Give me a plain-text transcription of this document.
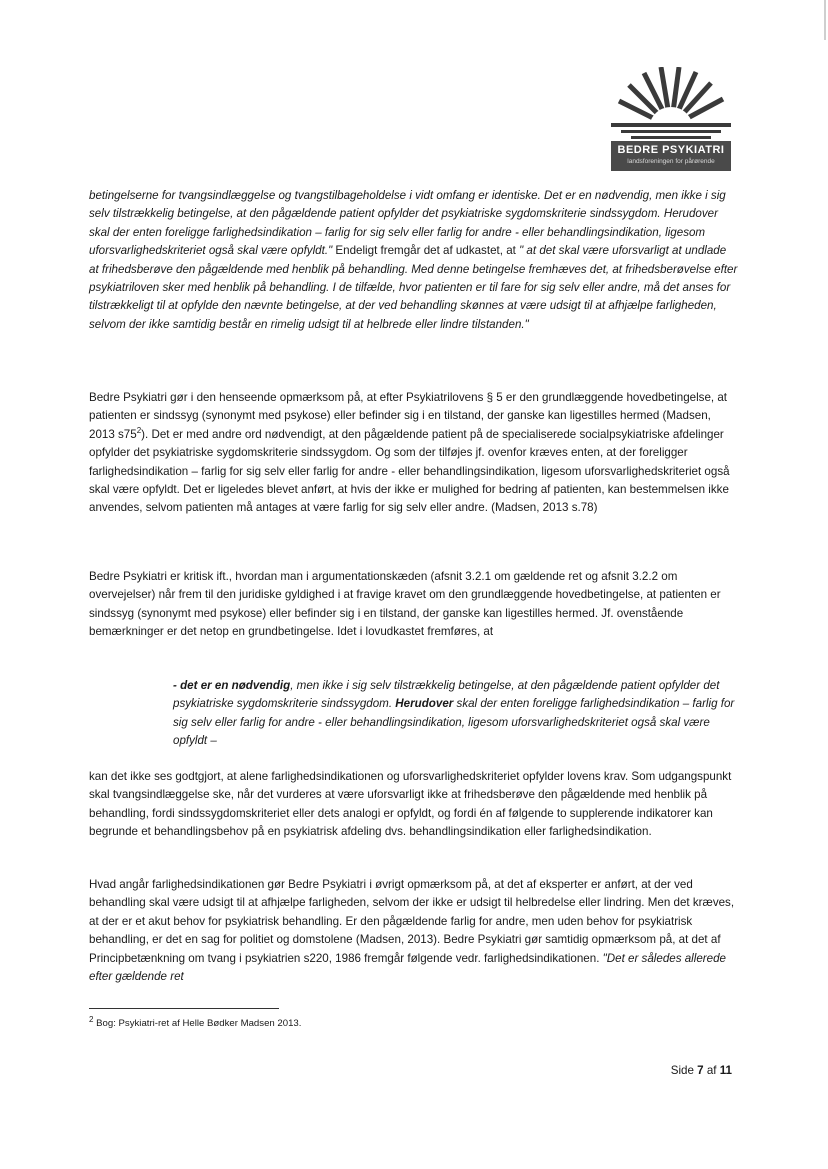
BEDRE PSYKIATRI
landsforeningen for pårørende
betingelserne for tvangsindlæggelse og tvangstilbageholdelse i vidt omfang er identiske. Det er en nødvendig, men ikke i sig selv tilstrækkelig betingelse, at den pågældende patient opfylder det psykiatriske sygdomskriterie sindssygdom. Herudover skal der enten foreligge farlighedsindikation – farlig for sig selv eller farlig for andre - eller behandlingsindikation, ligesom uforsvarlighedskriteriet også skal være opfyldt." Endeligt fremgår det af udkastet, at " at det skal være uforsvarligt at undlade at frihedsberøve den pågældende med henblik på behandling. Med denne betingelse fremhæves det, at frihedsberøvelse efter psykiatriloven sker med henblik på behandling. I de tilfælde, hvor patienten er til fare for sig selv eller andre, må det anses for tilstrækkeligt til at opfylde den nævnte betingelse, at der ved behandling skønnes at være udsigt til at afhjælpe farligheden, selvom der ikke samtidig består en rimelig udsigt til at helbrede eller lindre tilstanden."
Bedre Psykiatri gør i den henseende opmærksom på, at efter Psykiatrilovens § 5 er den grundlæggende hovedbetingelse, at patienten er sindssyg (synonymt med psykose) eller befinder sig i en tilstand, der ganske kan ligestilles hermed (Madsen, 2013 $s75^2$). Det er med andre ord nødvendigt, at den pågældende patient på de specialiserede socialpsykiatriske afdelinger opfylder det psykiatriske sygdomskriterie sindssygdom. Og som der tilføjes jf. ovenfor kræves enten, at der foreligger farlighedsindikation – farlig for sig selv eller farlig for andre - eller behandlingsindikation, ligesom uforsvarlighedskriteriet også skal være opfyldt. Det er ligeledes blevet anført, at hvis der ikke er mulighed for bedring af patienten, kan bestemmelsen ikke anvendes, selvom patienten må antages at være farlig for sig selv eller andre. (Madsen, 2013 s.78)
Bedre Psykiatri er kritisk ift., hvordan man i argumentationskæden (afsnit 3.2.1 om gældende ret og afsnit 3.2.2 om overvejelser) når frem til den juridiske gyldighed i at fravige kravet om den grundlæggende hovedbetingelse, at patienten er sindssyg (synonymt med psykose) eller befinder sig i en tilstand, der ganske kan ligestilles hermed. Jf. ovenstående bemærkninger er det netop en grundbetingelse. Idet i lovudkastet fremføres, at
- det er en nødvendig, men ikke i sig selv tilstrækkelig betingelse, at den pågældende patient opfylder det psykiatriske sygdomskriterie sindssygdom. Herudover skal der enten foreligge farlighedsindikation – farlig for sig selv eller farlig for andre - eller behandlingsindikation, ligesom uforsvarlighedskriteriet også skal være opfyldt –
kan det ikke ses godtgjort, at alene farlighedsindikationen og uforsvarlighedskriteriet opfylder lovens krav. Som udgangspunkt skal tvangsindlæggelse ske, når det vurderes at være uforsvarligt ikke at frihedsberøve den pågældende med henblik på behandling, fordi sindssygdomskriteriet eller dets analogi er opfyldt, og fordi én af følgende to supplerende indikatorer kan begrunde et behandlingsbehov på en psykiatrisk afdeling dvs. behandlingsindikation eller farlighedsindikation.
Hvad angår farlighedsindikationen gør Bedre Psykiatri i øvrigt opmærksom på, at det af eksperter er anført, at der ved behandling skal være udsigt til at afhjælpe farligheden, selvom der ikke er udsigt til helbredelse eller lindring. Men det kræves, at der er et akut behov for psykiatrisk behandling. Er den pågældende farlig for andre, men uden behov for psykiatrisk behandling, er det en sag for politiet og domstolene (Madsen, 2013). Bedre Psykiatri gør samtidig opmærksom på, at det af Principbetænkning om tvang i psykiatrien s220, 1986 fremgår følgende vedr. farlighedsindikationen. "Det er således allerede efter gældende ret
$^2$ Bog: Psykiatri-ret af Helle Bødker Madsen 2013.
Side 7 af 11
